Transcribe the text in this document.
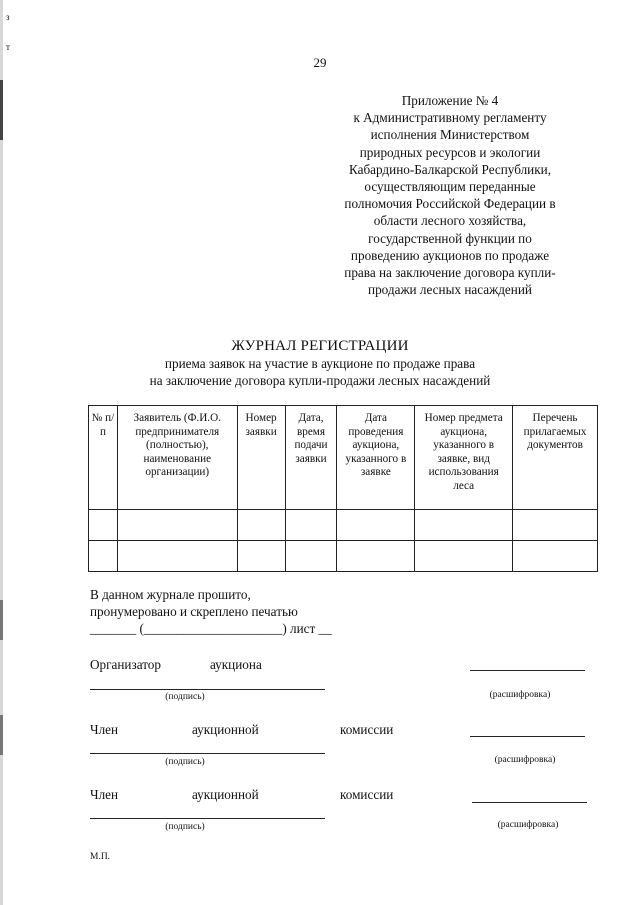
з
т
29
Приложение № 4
к Административному регламенту
исполнения Министерством
природных ресурсов и экологии
Кабардино-Балкарской Республики,
осуществляющим переданные
полномочия Российской Федерации в
области лесного хозяйства,
государственной функции по
проведению аукционов по продаже
права на заключение договора купли-
продажи лесных насаждений
ЖУРНАЛ РЕГИСТРАЦИИ
приема заявок на участие в аукционе по продаже права
на заключение договора купли-продажи лесных насаждений
№ п/п	Заявитель (Ф.И.О. предпринимателя (полностью), наименование организации)	Номер заявки	Дата, время подачи заявки	Дата проведения аукциона, указанного в заявке	Номер предмета аукциона, указанного в заявке, вид использования леса	Перечень прилагаемых документов

В данном журнале прошито,
пронумеровано и скреплено печатью
_______ (_____________________) лист __
Организатор	аукциона
(подпись)	(расшифровка)
Член	аукционной	комиссии
(подпись)	(расшифровка)
Член	аукционной	комиссии
(подпись)	(расшифровка)
М.П.
